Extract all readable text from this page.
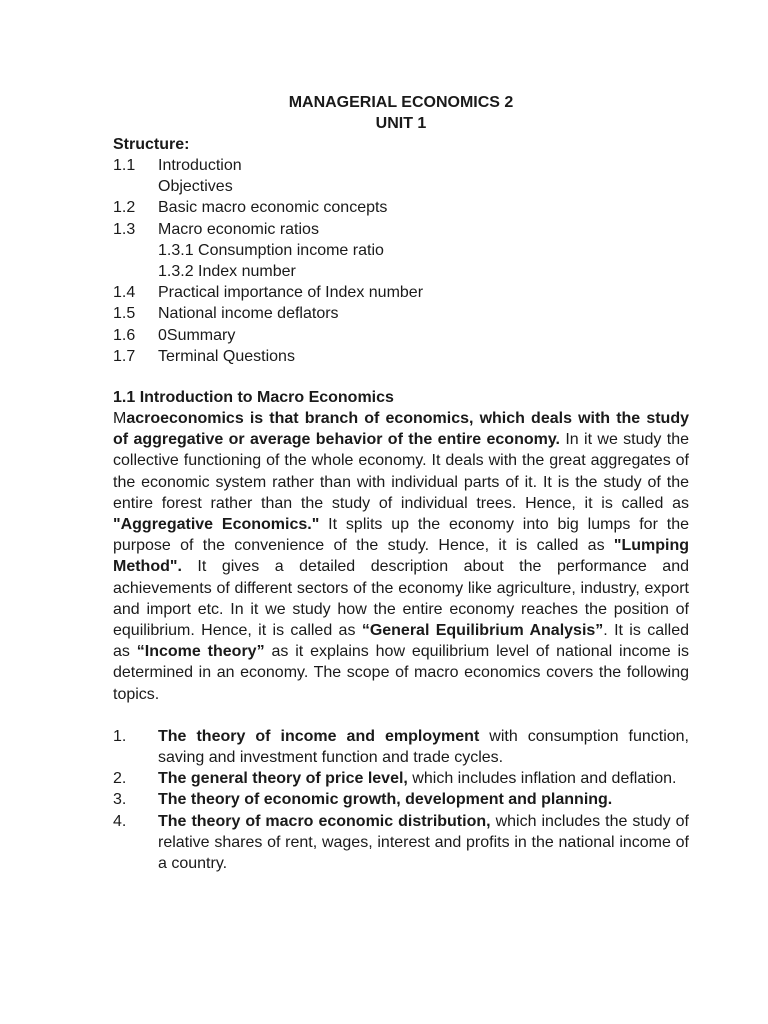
MANAGERIAL ECONOMICS 2
UNIT 1
Structure:
1.1	Introduction
Objectives
1.2	Basic macro economic concepts
1.3	Macro economic ratios
1.3.1 Consumption income ratio
1.3.2 Index number
1.4	Practical importance of Index number
1.5	National income deflators
1.6	0Summary
1.7	Terminal Questions
1.1 Introduction to Macro Economics
Macroeconomics is that branch of economics, which deals with the study of aggregative or average behavior of the entire economy. In it we study the collective functioning of the whole economy. It deals with the great aggregates of the economic system rather than with individual parts of it. It is the study of the entire forest rather than the study of individual trees. Hence, it is called as "Aggregative Economics." It splits up the economy into big lumps for the purpose of the convenience of the study. Hence, it is called as "Lumping Method". It gives a detailed description about the performance and achievements of different sectors of the economy like agriculture, industry, export and import etc. In it we study how the entire economy reaches the position of equilibrium. Hence, it is called as “General Equilibrium Analysis”. It is called as “Income theory” as it explains how equilibrium level of national income is determined in an economy. The scope of macro economics covers the following topics.
1.	The theory of income and employment with consumption function, saving and investment function and trade cycles.
2.	The general theory of price level, which includes inflation and deflation.
3.	The theory of economic growth, development and planning.
4.	The theory of macro economic distribution, which includes the study of relative shares of rent, wages, interest and profits in the national income of a country.
